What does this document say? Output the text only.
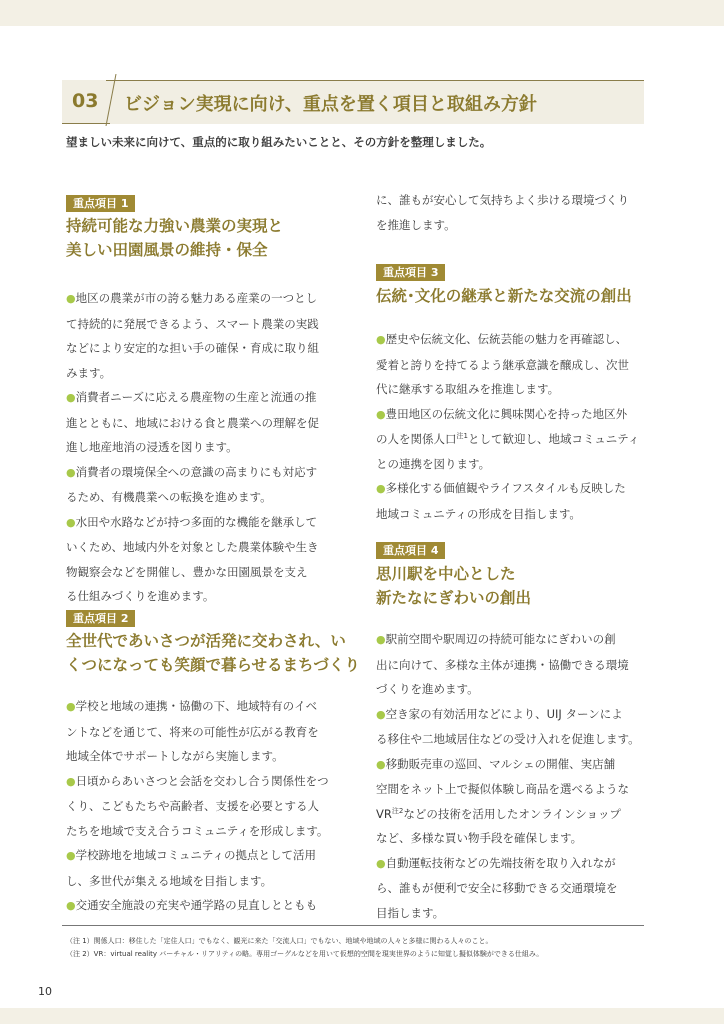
03 ビジョン実現に向け、重点を置く項目と取組み方針
望ましい未来に向けて、重点的に取り組みたいことと、その方針を整理しました。
重点項目 1
持続可能な力強い農業の実現と
美しい田園風景の維持・保全
●地区の農業が市の誇る魅力ある産業の一つとし
て持続的に発展できるよう、スマート農業の実践
などにより安定的な担い手の確保・育成に取り組
みます。
●消費者ニーズに応える農産物の生産と流通の推
進とともに、地域における食と農業への理解を促
進し地産地消の浸透を図ります。
●消費者の環境保全への意識の高まりにも対応す
るため、有機農業への転換を進めます。
●水田や水路などが持つ多面的な機能を継承して
いくため、地域内外を対象とした農業体験や生き
物観察会などを開催し、豊かな田園風景を支え
る仕組みづくりを進めます。
重点項目 2
全世代であいさつが活発に交わされ、い
くつになっても笑顔で暮らせるまちづくり
●学校と地域の連携・協働の下、地域特有のイベ
ントなどを通じて、将来の可能性が広がる教育を
地域全体でサポートしながら実施します。
●日頃からあいさつと会話を交わし合う関係性をつ
くり、こどもたちや高齢者、支援を必要とする人
たちを地域で支え合うコミュニティを形成します。
●学校跡地を地域コミュニティの拠点として活用
し、多世代が集える地域を目指します。
●交通安全施設の充実や通学路の見直しとともも
に、誰もが安心して気持ちよく歩ける環境づくり
を推進します。
重点項目 3
伝統･文化の継承と新たな交流の創出
●歴史や伝統文化、伝統芸能の魅力を再確認し、
愛着と誇りを持てるよう継承意識を醸成し、次世
代に継承する取組みを推進します。
●豊田地区の伝統文化に興味関心を持った地区外
の人を関係人口$^{注1}$として歓迎し、地域コミュニティ
との連携を図ります。
●多様化する価値観やライフスタイルも反映した
地域コミュニティの形成を目指します。
重点項目 4
思川駅を中心とした
新たなにぎわいの創出
●駅前空間や駅周辺の持続可能なにぎわいの創
出に向けて、多様な主体が連携・協働できる環境
づくりを進めます。
●空き家の有効活用などにより、UIJ ターンによ
る移住や二地域居住などの受け入れを促進します。
●移動販売車の巡回、マルシェの開催、実店舗
空間をネット上で擬似体験し商品を選べるような
VR$^{注2}$などの技術を活用したオンラインショップ
など、多様な買い物手段を確保します。
●自動運転技術などの先端技術を取り入れなが
ら、誰もが便利で安全に移動できる交通環境を
目指します。
（注 1）関係人口：移住した「定住人口」でもなく、観光に来た「交流人口」でもない、地域や地域の人々と多様に関わる人々のこと。
（注 2）VR：virtual reality バーチャル・リアリティの略。専用ゴーグルなどを用いて仮想的空間を現実世界のように知覚し擬似体験ができる仕組み。
10
